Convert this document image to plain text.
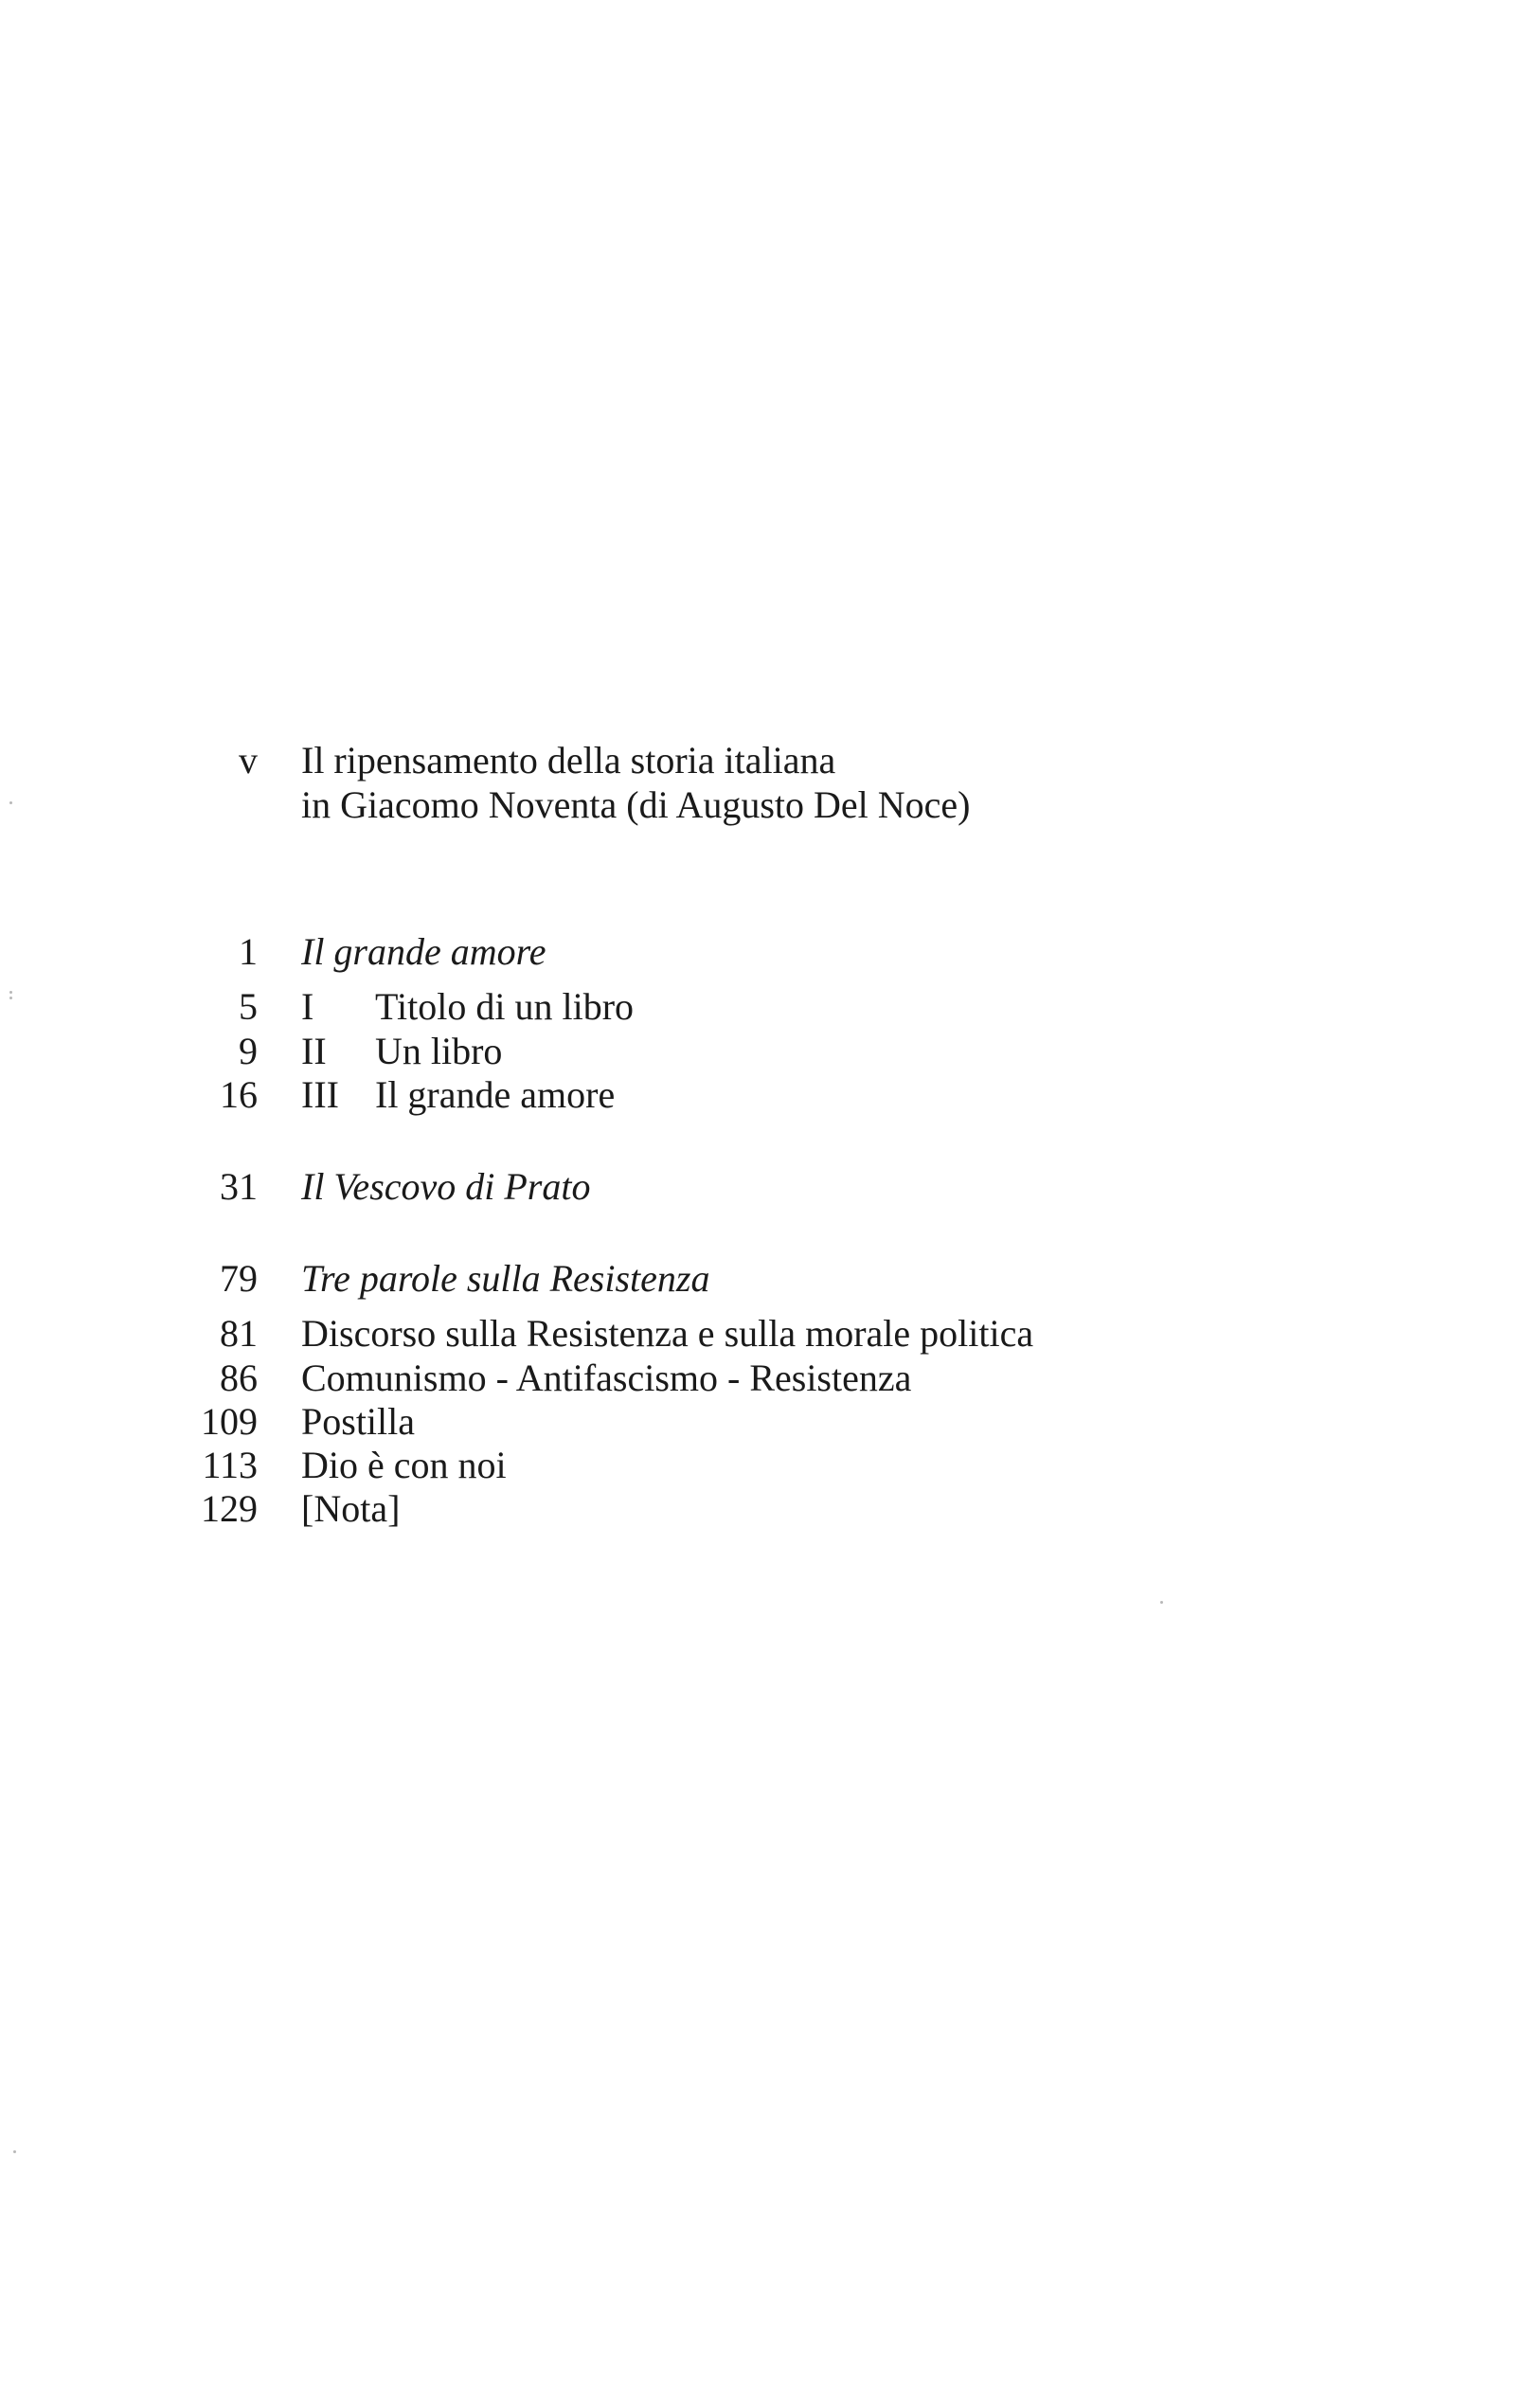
v Il ripensamento della storia italiana
in Giacomo Noventa (di Augusto Del Noce)
1 Il grande amore
5 I Titolo di un libro
9 II Un libro
16 III Il grande amore
31 Il Vescovo di Prato
79 Tre parole sulla Resistenza
81 Discorso sulla Resistenza e sulla morale politica
86 Comunismo - Antifascismo - Resistenza
109 Postilla
113 Dio è con noi
129 [Nota]
